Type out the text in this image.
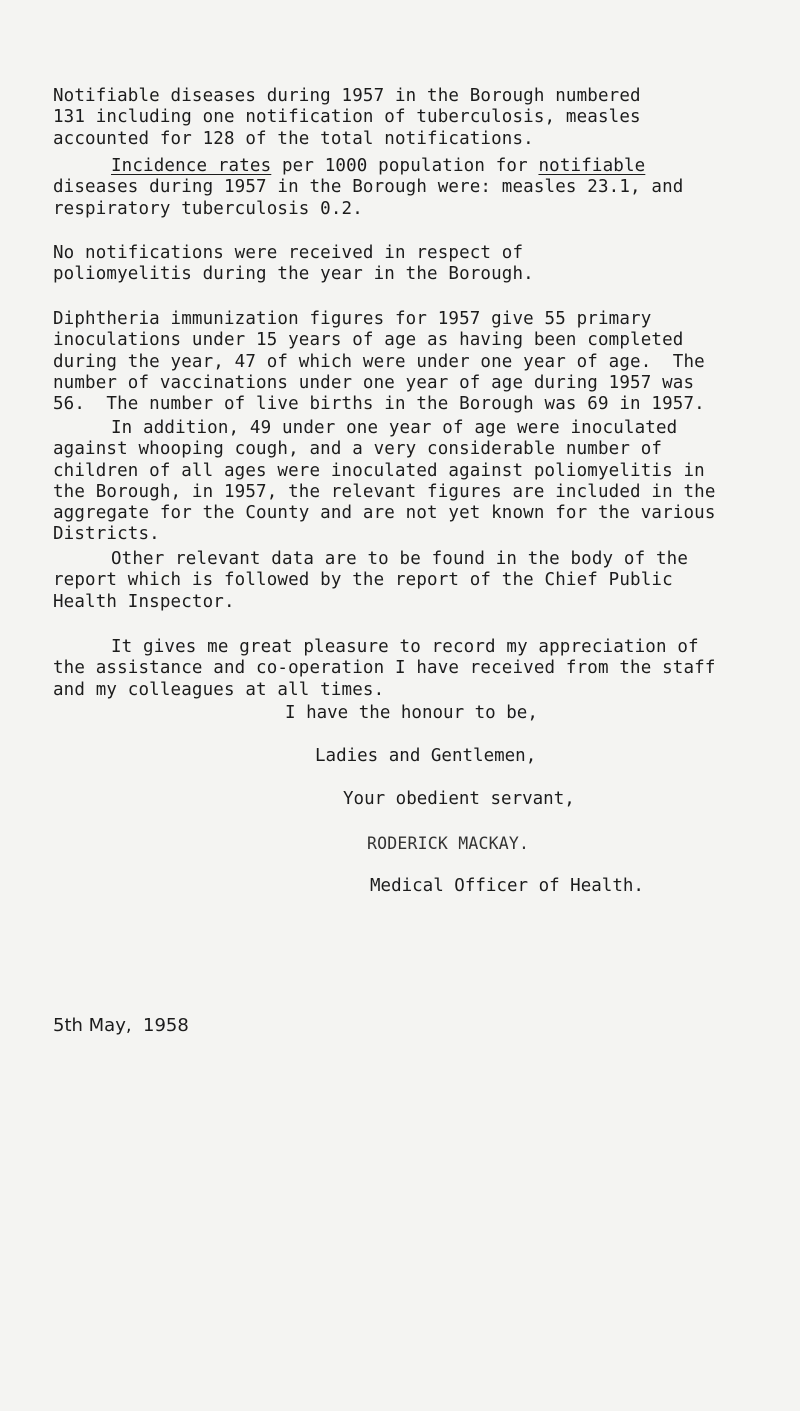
Notifiable diseases during 1957 in the Borough numbered
131 including one notification of tuberculosis, measles
accounted for 128 of the total notifications.
Incidence rates per 1000 population for notifiable
diseases during 1957 in the Borough were: measles 23.1, and
respiratory tuberculosis 0.2.
No notifications were received in respect of
poliomyelitis during the year in the Borough.
Diphtheria immunization figures for 1957 give 55 primary
inoculations under 15 years of age as having been completed
during the year, 47 of which were under one year of age.  The
number of vaccinations under one year of age during 1957 was
56.  The number of live births in the Borough was 69 in 1957.
In addition, 49 under one year of age were inoculated
against whooping cough, and a very considerable number of
children of all ages were inoculated against poliomyelitis in
the Borough, in 1957, the relevant figures are included in the
aggregate for the County and are not yet known for the various
Districts.
Other relevant data are to be found in the body of the
report which is followed by the report of the Chief Public
Health Inspector.
It gives me great pleasure to record my appreciation of
the assistance and co-operation I have received from the staff
and my colleagues at all times.

I have the honour to be,

Ladies and Gentlemen,

Your obedient servant,

RODERICK MACKAY.

Medical Officer of Health.

5th May,  1958
